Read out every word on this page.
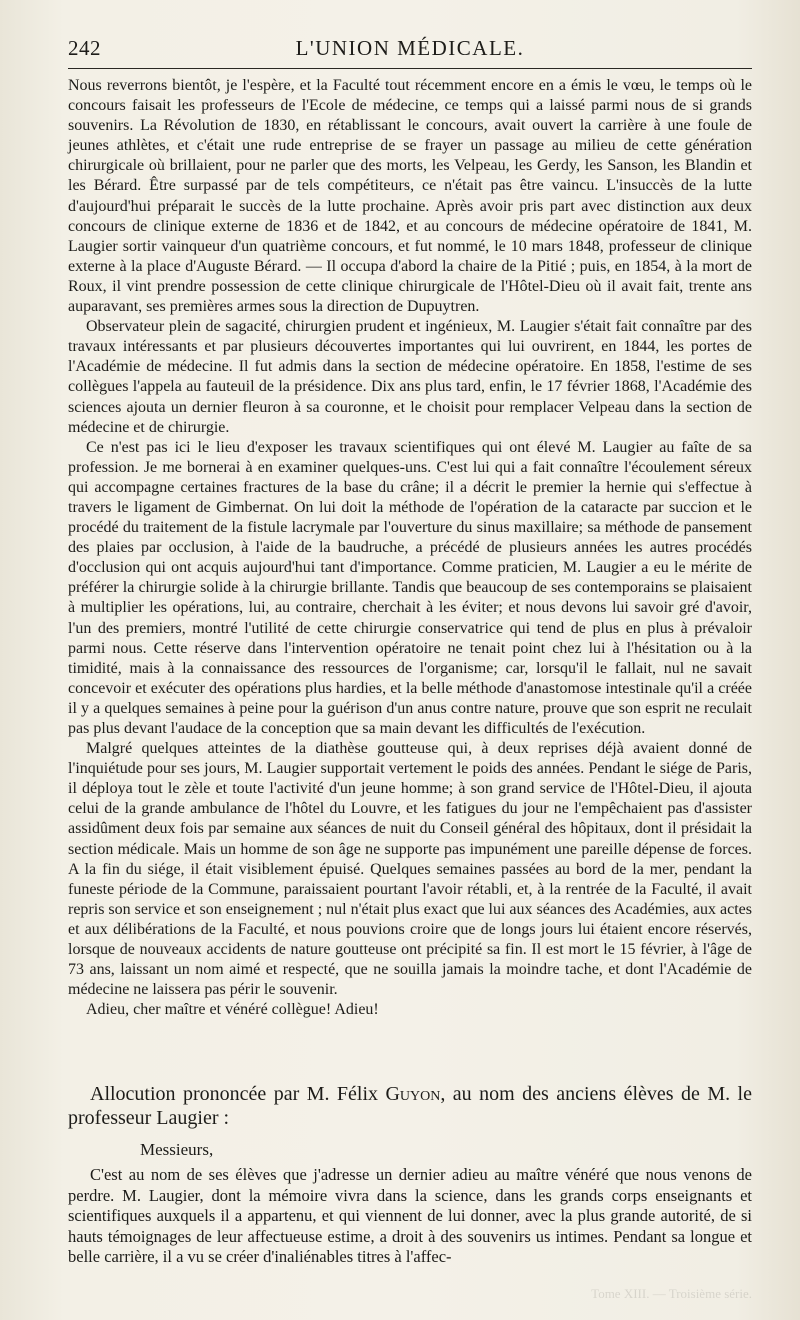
242	L'UNION MÉDICALE.

Nous reverrons bientôt, je l'espère, et la Faculté tout récemment encore en a émis le vœu, le temps où le concours faisait les professeurs de l'Ecole de médecine, ce temps qui a laissé parmi nous de si grands souvenirs. La Révolution de 1830, en rétablissant le concours, avait ouvert la carrière à une foule de jeunes athlètes, et c'était une rude entreprise de se frayer un passage au milieu de cette génération chirurgicale où brillaient, pour ne parler que des morts, les Velpeau, les Gerdy, les Sanson, les Blandin et les Bérard. Être surpassé par de tels compétiteurs, ce n'était pas être vaincu. L'insuccès de la lutte d'aujourd'hui préparait le succès de la lutte prochaine. Après avoir pris part avec distinction aux deux concours de clinique externe de 1836 et de 1842, et au concours de médecine opératoire de 1841, M. Laugier sortir vainqueur d'un quatrième concours, et fut nommé, le 10 mars 1848, professeur de clinique externe à la place d'Auguste Bérard. — Il occupa d'abord la chaire de la Pitié ; puis, en 1854, à la mort de Roux, il vint prendre possession de cette clinique chirurgicale de l'Hôtel-Dieu où il avait fait, trente ans auparavant, ses premières armes sous la direction de Dupuytren.

Observateur plein de sagacité, chirurgien prudent et ingénieux, M. Laugier s'était fait connaître par des travaux intéressants et par plusieurs découvertes importantes qui lui ouvrirent, en 1844, les portes de l'Académie de médecine. Il fut admis dans la section de médecine opératoire. En 1858, l'estime de ses collègues l'appela au fauteuil de la présidence. Dix ans plus tard, enfin, le 17 février 1868, l'Académie des sciences ajouta un dernier fleuron à sa couronne, et le choisit pour remplacer Velpeau dans la section de médecine et de chirurgie.

Ce n'est pas ici le lieu d'exposer les travaux scientifiques qui ont élevé M. Laugier au faîte de sa profession. Je me bornerai à en examiner quelques-uns. C'est lui qui a fait connaître l'écoulement séreux qui accompagne certaines fractures de la base du crâne; il a décrit le premier la hernie qui s'effectue à travers le ligament de Gimbernat. On lui doit la méthode de l'opération de la cataracte par succion et le procédé du traitement de la fistule lacrymale par l'ouverture du sinus maxillaire; sa méthode de pansement des plaies par occlusion, à l'aide de la baudruche, a précédé de plusieurs années les autres procédés d'occlusion qui ont acquis aujourd'hui tant d'importance. Comme praticien, M. Laugier a eu le mérite de préférer la chirurgie solide à la chirurgie brillante. Tandis que beaucoup de ses contemporains se plaisaient à multiplier les opérations, lui, au contraire, cherchait à les éviter; et nous devons lui savoir gré d'avoir, l'un des premiers, montré l'utilité de cette chirurgie conservatrice qui tend de plus en plus à prévaloir parmi nous. Cette réserve dans l'intervention opératoire ne tenait point chez lui à l'hésitation ou à la timidité, mais à la connaissance des ressources de l'organisme; car, lorsqu'il le fallait, nul ne savait concevoir et exécuter des opérations plus hardies, et la belle méthode d'anastomose intestinale qu'il a créée il y a quelques semaines à peine pour la guérison d'un anus contre nature, prouve que son esprit ne reculait pas plus devant l'audace de la conception que sa main devant les difficultés de l'exécution.

Malgré quelques atteintes de la diathèse goutteuse qui, à deux reprises déjà avaient donné de l'inquiétude pour ses jours, M. Laugier supportait vertement le poids des années. Pendant le siége de Paris, il déploya tout le zèle et toute l'activité d'un jeune homme; à son grand service de l'Hôtel-Dieu, il ajouta celui de la grande ambulance de l'hôtel du Louvre, et les fatigues du jour ne l'empêchaient pas d'assister assidûment deux fois par semaine aux séances de nuit du Conseil général des hôpitaux, dont il présidait la section médicale. Mais un homme de son âge ne supporte pas impunément une pareille dépense de forces. A la fin du siége, il était visiblement épuisé. Quelques semaines passées au bord de la mer, pendant la funeste période de la Commune, paraissaient pourtant l'avoir rétabli, et, à la rentrée de la Faculté, il avait repris son service et son enseignement ; nul n'était plus exact que lui aux séances des Académies, aux actes et aux délibérations de la Faculté, et nous pouvions croire que de longs jours lui étaient encore réservés, lorsque de nouveaux accidents de nature goutteuse ont précipité sa fin. Il est mort le 15 février, à l'âge de 73 ans, laissant un nom aimé et respecté, que ne souilla jamais la moindre tache, et dont l'Académie de médecine ne laissera pas périr le souvenir.

Adieu, cher maître et vénéré collègue! Adieu!

Allocution prononcée par M. Félix Guyon, au nom des anciens élèves de M. le professeur Laugier :
Messieurs,
C'est au nom de ses élèves que j'adresse un dernier adieu au maître vénéré que nous venons de perdre. M. Laugier, dont la mémoire vivra dans la science, dans les grands corps enseignants et scientifiques auxquels il a appartenu, et qui viennent de lui donner, avec la plus grande autorité, de si hauts témoignages de leur affectueuse estime, a droit à des souvenirs us intimes. Pendant sa longue et belle carrière, il a vu se créer d'inaliénables titres à l'affec-
Tome XIII. — Troisième série.
